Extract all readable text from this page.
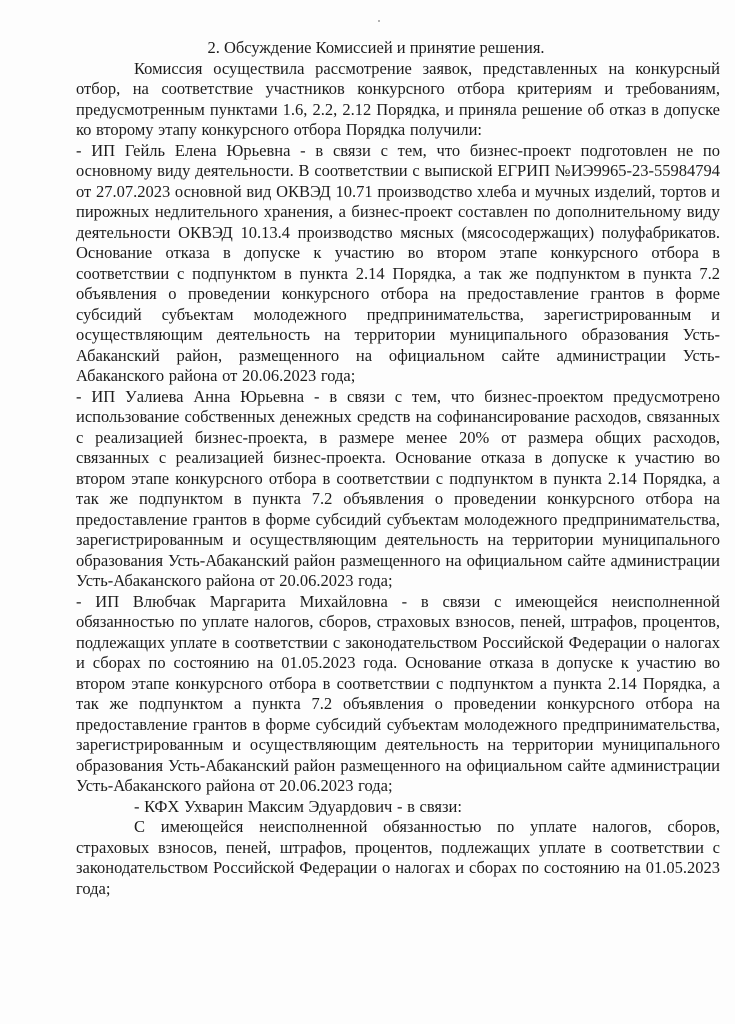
2. Обсуждение Комиссией и принятие решения.

Комиссия осуществила рассмотрение заявок, представленных на конкурсный отбор, на соответствие участников конкурсного отбора критериям и требованиям, предусмотренным пунктами 1.6, 2.2, 2.12 Порядка, и приняла решение об отказ в допуске ко второму этапу конкурсного отбора Порядка получили:

- ИП Гейль Елена Юрьевна - в связи с тем, что бизнес-проект подготовлен не по основному виду деятельности. В соответствии с выпиской ЕГРИП №ИЭ9965-23-55984794 от 27.07.2023 основной вид ОКВЭД 10.71 производство хлеба и мучных изделий, тортов и пирожных недлительного хранения, а бизнес-проект составлен по дополнительному виду деятельности ОКВЭД 10.13.4 производство мясных (мясосодержащих) полуфабрикатов. Основание отказа в допуске к участию во втором этапе конкурсного отбора в соответствии с подпунктом в пункта 2.14 Порядка, а так же подпунктом в пункта 7.2 объявления о проведении конкурсного отбора на предоставление грантов в форме субсидий субъектам молодежного предпринимательства, зарегистрированным и осуществляющим деятельность на территории муниципального образования Усть-Абаканский район, размещенного на официальном сайте администрации Усть-Абаканского района от 20.06.2023 года;

- ИП Уалиева Анна Юрьевна - в связи с тем, что бизнес-проектом предусмотрено использование собственных денежных средств на софинансирование расходов, связанных с реализацией бизнес-проекта, в размере менее 20% от размера общих расходов, связанных с реализацией бизнес-проекта. Основание отказа в допуске к участию во втором этапе конкурсного отбора в соответствии с подпунктом в пункта 2.14 Порядка, а так же подпунктом в пункта 7.2 объявления о проведении конкурсного отбора на предоставление грантов в форме субсидий субъектам молодежного предпринимательства, зарегистрированным и осуществляющим деятельность на территории муниципального образования Усть-Абаканский район размещенного на официальном сайте администрации Усть-Абаканского района от 20.06.2023 года;

- ИП Влюбчак Маргарита Михайловна - в связи с имеющейся неисполненной обязанностью по уплате налогов, сборов, страховых взносов, пеней, штрафов, процентов, подлежащих уплате в соответствии с законодательством Российской Федерации о налогах и сборах по состоянию на 01.05.2023 года. Основание отказа в допуске к участию во втором этапе конкурсного отбора в соответствии с подпунктом а пункта 2.14 Порядка, а так же подпунктом а пункта 7.2 объявления о проведении конкурсного отбора на предоставление грантов в форме субсидий субъектам молодежного предпринимательства, зарегистрированным и осуществляющим деятельность на территории муниципального образования Усть-Абаканский район размещенного на официальном сайте администрации Усть-Абаканского района от 20.06.2023 года;

- КФХ Ухварин Максим Эдуардович - в связи:

С имеющейся неисполненной обязанностью по уплате налогов, сборов, страховых взносов, пеней, штрафов, процентов, подлежащих уплате в соответствии с законодательством Российской Федерации о налогах и сборах по состоянию на 01.05.2023 года;
